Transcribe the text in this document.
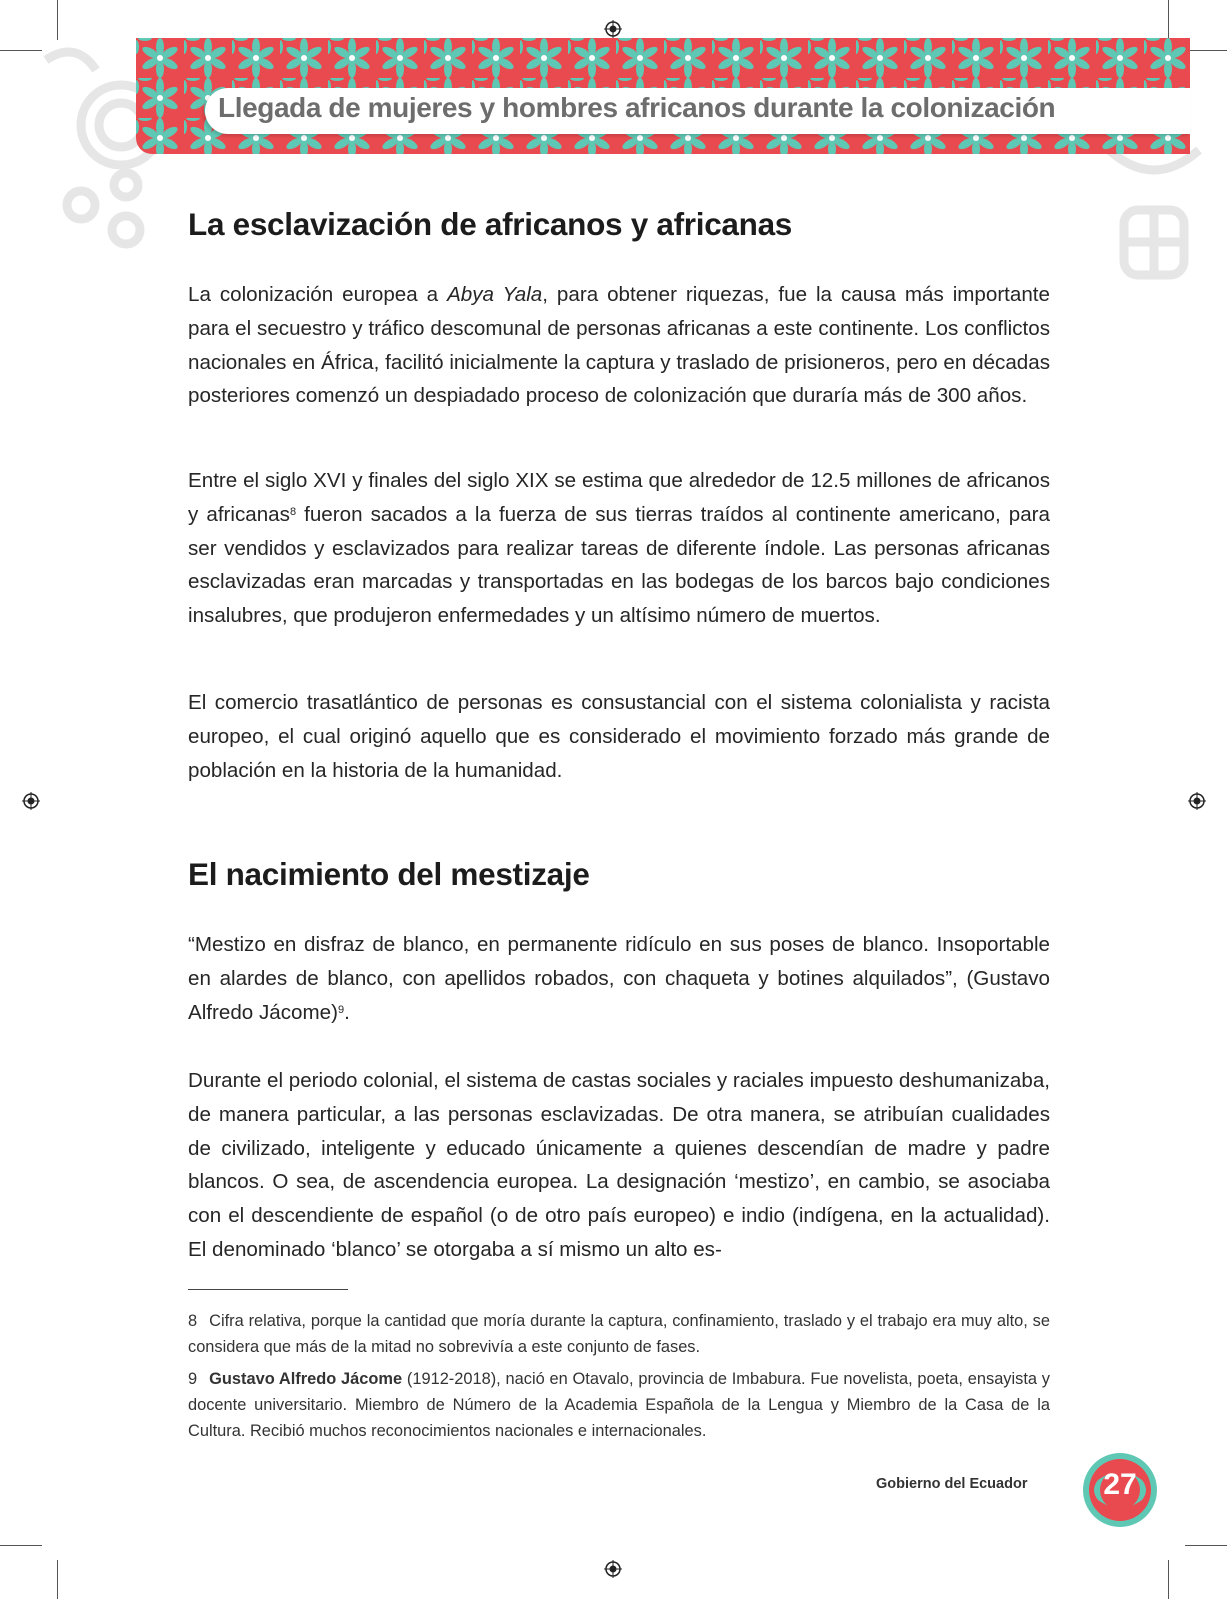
Llegada de mujeres y hombres africanos durante la colonización
La esclavización de africanos y africanas

La colonización europea a Abya Yala, para obtener riquezas, fue la causa más importante para el secuestro y tráfico descomunal de personas africanas a este continente. Los conflictos nacionales en África, facilitó inicialmente la captura y traslado de prisioneros, pero en décadas posteriores comenzó un despiadado proceso de colonización que duraría más de 300 años.

Entre el siglo XVI y finales del siglo XIX se estima que alrededor de 12.5 millones de africanos y africanas$^8$ fueron sacados a la fuerza de sus tierras traídos al continente americano, para ser vendidos y esclavizados para realizar tareas de diferente índole. Las personas africanas esclavizadas eran marcadas y transportadas en las bodegas de los barcos bajo condiciones insalubres, que produjeron enfermedades y un altísimo número de muertos.

El comercio trasatlántico de personas es consustancial con el sistema colonialista y racista europeo, el cual originó aquello que es considerado el movimiento forzado más grande de población en la historia de la humanidad.

El nacimiento del mestizaje

“Mestizo en disfraz de blanco, en permanente ridículo en sus poses de blanco. Insoportable en alardes de blanco, con apellidos robados, con chaqueta y botines alquilados”, (Gustavo Alfredo Jácome)$^9$.

Durante el periodo colonial, el sistema de castas sociales y raciales impuesto deshumanizaba, de manera particular, a las personas esclavizadas. De otra manera, se atribuían cualidades de civilizado, inteligente y educado únicamente a quienes descendían de madre y padre blancos. O sea, de ascendencia europea. La designación ‘mestizo’, en cambio, se asociaba con el descendiente de español (o de otro país europeo) e indio (indígena, en la actualidad). El denominado ‘blanco’ se otorgaba a sí mismo un alto es-

8 Cifra relativa, porque la cantidad que moría durante la captura, confinamiento, traslado y el trabajo era muy alto, se considera que más de la mitad no sobrevivía a este conjunto de fases.

9 Gustavo Alfredo Jácome (1912-2018), nació en Otavalo, provincia de Imbabura. Fue novelista, poeta, ensayista y docente universitario. Miembro de Número de la Academia Española de la Lengua y Miembro de la Casa de la Cultura. Recibió muchos reconocimientos nacionales e internacionales.

Gobierno del Ecuador	27
